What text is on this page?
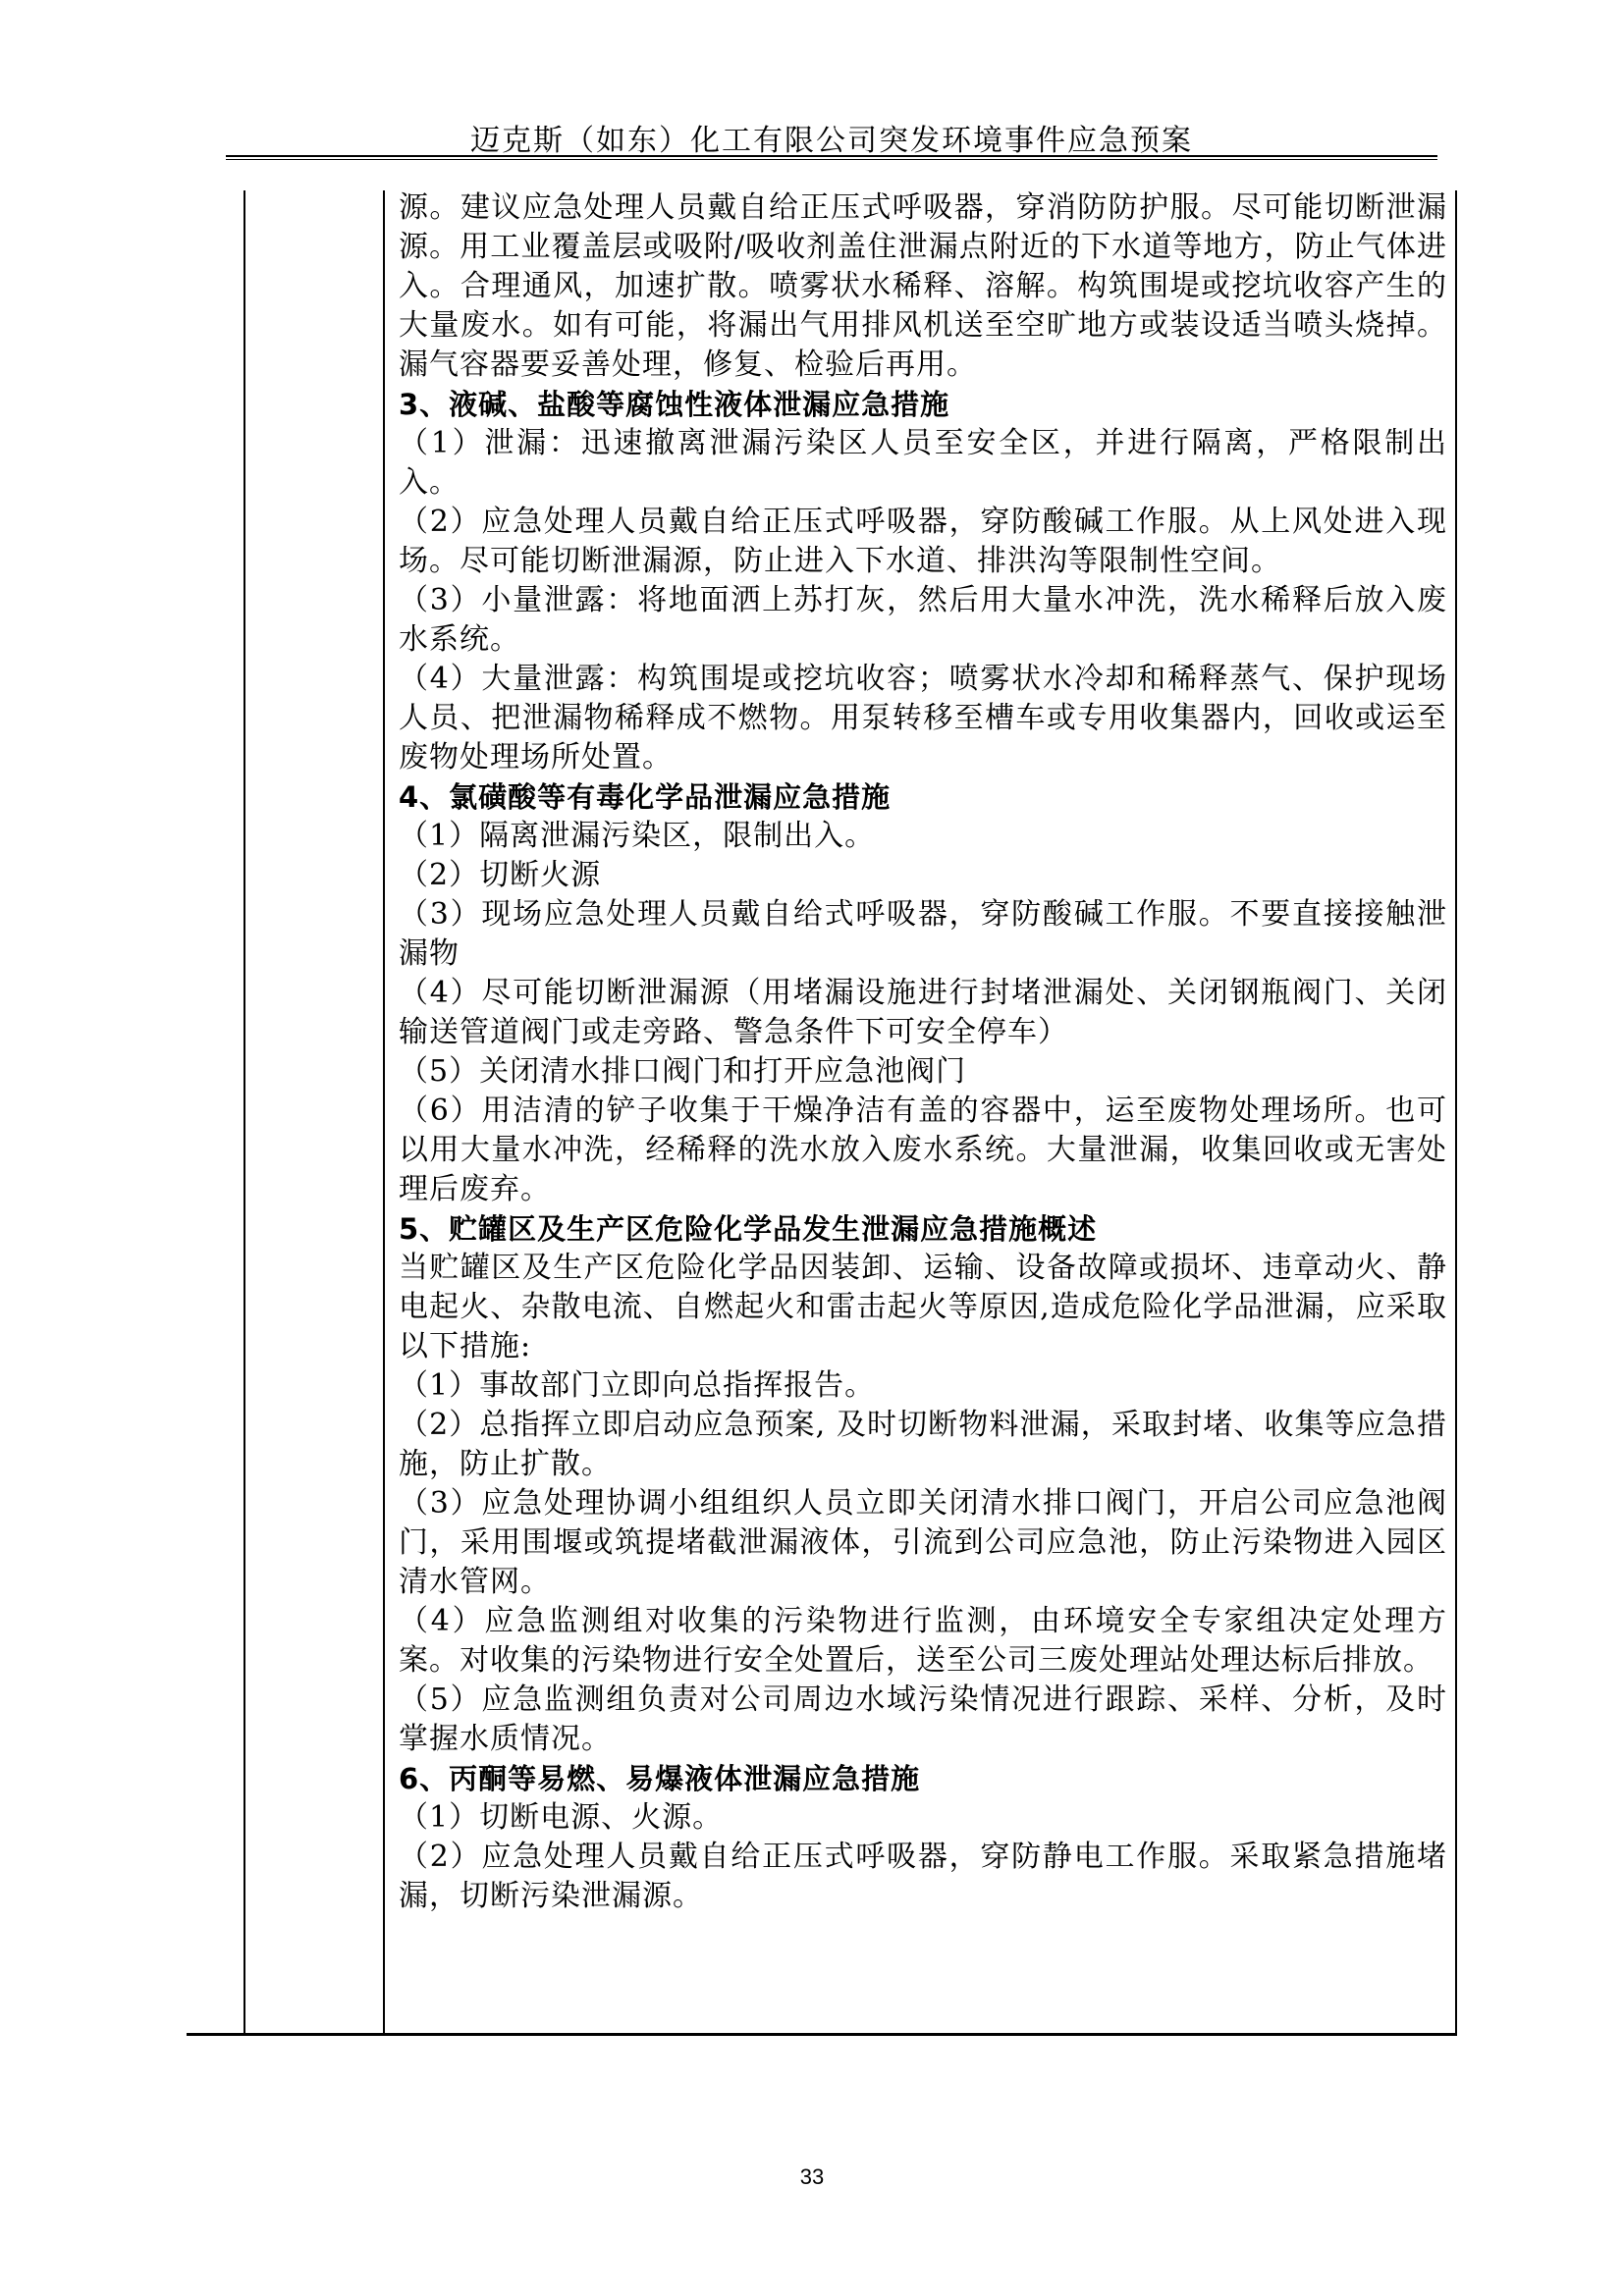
迈克斯（如东）化工有限公司突发环境事件应急预案

源。建议应急处理人员戴自给正压式呼吸器，穿消防防护服。尽可能切断泄漏源。用工业覆盖层或吸附/吸收剂盖住泄漏点附近的下水道等地方，防止气体进入。合理通风，加速扩散。喷雾状水稀释、溶解。构筑围堤或挖坑收容产生的大量废水。如有可能，将漏出气用排风机送至空旷地方或装设适当喷头烧掉。漏气容器要妥善处理，修复、检验后再用。

3、液碱、盐酸等腐蚀性液体泄漏应急措施

（1）泄漏：迅速撤离泄漏污染区人员至安全区，并进行隔离，严格限制出入。

（2）应急处理人员戴自给正压式呼吸器，穿防酸碱工作服。从上风处进入现场。尽可能切断泄漏源，防止进入下水道、排洪沟等限制性空间。

（3）小量泄露：将地面洒上苏打灰，然后用大量水冲洗，洗水稀释后放入废水系统。

（4）大量泄露：构筑围堤或挖坑收容；喷雾状水冷却和稀释蒸气、保护现场人员、把泄漏物稀释成不燃物。用泵转移至槽车或专用收集器内，回收或运至废物处理场所处置。

4、氯磺酸等有毒化学品泄漏应急措施

（1）隔离泄漏污染区，限制出入。

（2）切断火源

（3）现场应急处理人员戴自给式呼吸器，穿防酸碱工作服。不要直接接触泄漏物

（4）尽可能切断泄漏源（用堵漏设施进行封堵泄漏处、关闭钢瓶阀门、关闭输送管道阀门或走旁路、警急条件下可安全停车）

（5）关闭清水排口阀门和打开应急池阀门

（6）用洁清的铲子收集于干燥净洁有盖的容器中，运至废物处理场所。也可以用大量水冲洗，经稀释的洗水放入废水系统。大量泄漏，收集回收或无害处理后废弃。

5、贮罐区及生产区危险化学品发生泄漏应急措施概述

当贮罐区及生产区危险化学品因装卸、运输、设备故障或损坏、违章动火、静电起火、杂散电流、自燃起火和雷击起火等原因,造成危险化学品泄漏，应采取以下措施:

（1）事故部门立即向总指挥报告。

（2）总指挥立即启动应急预案, 及时切断物料泄漏，采取封堵、收集等应急措施，防止扩散。

（3）应急处理协调小组组织人员立即关闭清水排口阀门，开启公司应急池阀门，采用围堰或筑提堵截泄漏液体，引流到公司应急池，防止污染物进入园区清水管网。

（4）应急监测组对收集的污染物进行监测，由环境安全专家组决定处理方案。对收集的污染物进行安全处置后，送至公司三废处理站处理达标后排放。

（5）应急监测组负责对公司周边水域污染情况进行跟踪、采样、分析，及时掌握水质情况。

6、丙酮等易燃、易爆液体泄漏应急措施

（1）切断电源、火源。

（2）应急处理人员戴自给正压式呼吸器，穿防静电工作服。采取紧急措施堵漏，切断污染泄漏源。

33
